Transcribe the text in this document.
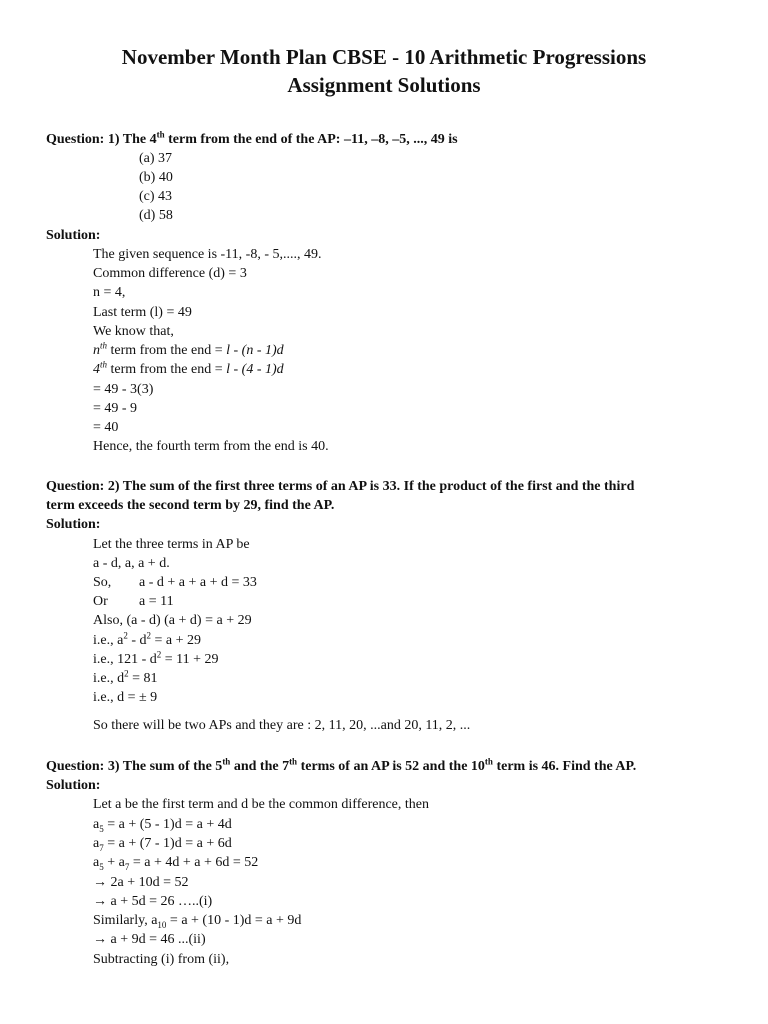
November Month Plan CBSE - 10 Arithmetic Progressions
Assignment Solutions
Question: 1) The 4th term from the end of the AP: –11, –8, –5, ..., 49 is
(a) 37
(b) 40
(c) 43
(d) 58
Solution:
The given sequence is -11, -8, - 5,...., 49.
Common difference (d) = 3
n = 4,
Last term (l) = 49
We know that,
$n^{th}$ term from the end = l - (n - 1)d
4th term from the end = l - (4 - 1)d
= 49 - 3(3)
= 49 - 9
= 40
Hence, the fourth term from the end is 40.
Question: 2) The sum of the first three terms of an AP is 33. If the product of the first and the third
term exceeds the second term by 29, find the AP.
Solution:
Let the three terms in AP be
a - d, a, a + d.
So, a - d + a + a + d = 33
Or a = 11
Also, (a - d) (a + d) = a + 29
i.e., $a^2 - d^2 = a + 29$
i.e., $121 - d^2 = 11 + 29$
i.e., $d^2 = 81$
i.e., d = ± 9
So there will be two APs and they are : 2, 11, 20, ...and 20, 11, 2, ...
Question: 3) The sum of the 5th and the 7th terms of an AP is 52 and the 10th term is 46. Find the AP.
Solution:
Let a be the first term and d be the common difference, then
$a_5 = a + (5 - 1)d = a + 4d$
$a_7 = a + (7 - 1)d = a + 6d$
$a_5 + a_7 = a + 4d + a + 6d = 52$
→ 2a + 10d = 52
→ a + 5d = 26 …..(i)
Similarly, $a_{10} = a + (10 - 1)d = a + 9d$
→ a + 9d = 46 ...(ii)
Subtracting (i) from (ii),
